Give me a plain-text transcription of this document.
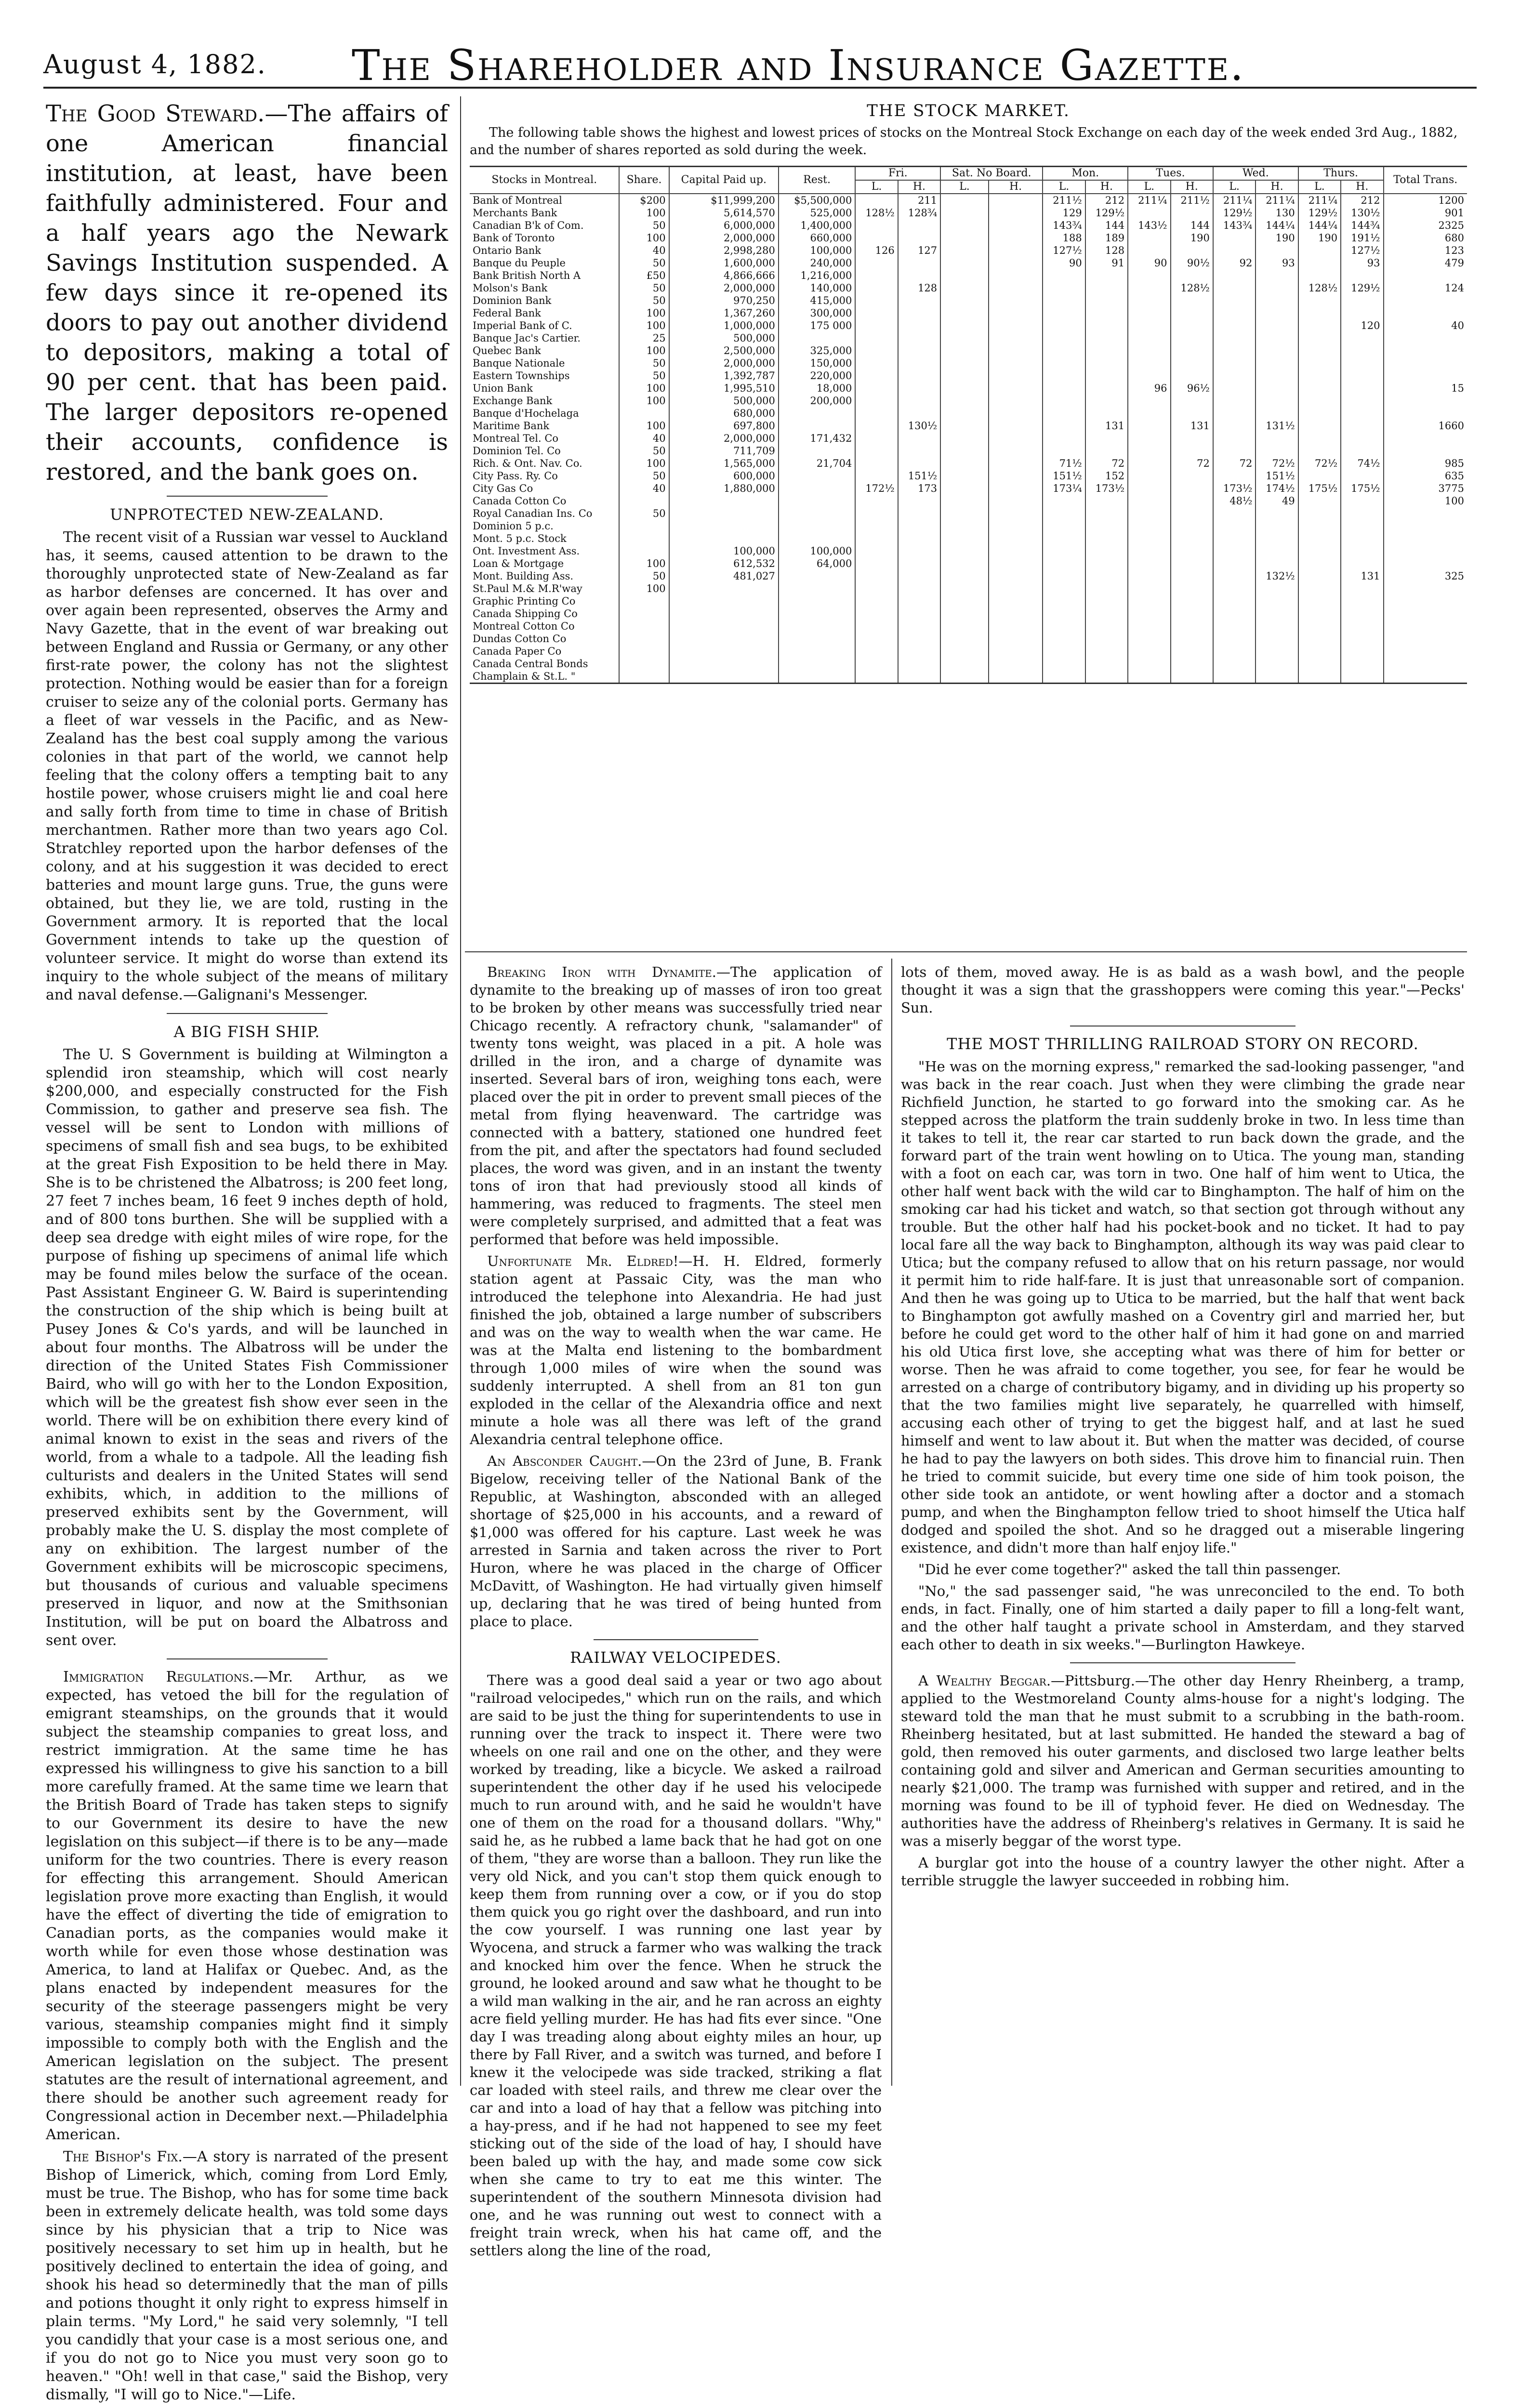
August 4, 1882. The Shareholder and Insurance Gazette.

The Good Steward.—The affairs of one American financial institution, at least, have been faithfully administered. Four and a half years ago the Newark Savings Institution suspended. A few days since it re-opened its doors to pay out another dividend to depositors, making a total of 90 per cent. that has been paid. The larger depositors re-opened their accounts, confidence is restored, and the bank goes on.

UNPROTECTED NEW-ZEALAND.

The recent visit of a Russian war vessel to Auckland has, it seems, caused attention to be drawn to the thoroughly unprotected state of New-Zealand as far as harbor defenses are concerned. It has over and over again been represented, observes the Army and Navy Gazette, that in the event of war breaking out between England and Russia or Germany, or any other first-rate power, the colony has not the slightest protection. Nothing would be easier than for a foreign cruiser to seize any of the colonial ports. Germany has a fleet of war vessels in the Pacific, and as New-Zealand has the best coal supply among the various colonies in that part of the world, we cannot help feeling that the colony offers a tempting bait to any hostile power, whose cruisers might lie and coal here and sally forth from time to time in chase of British merchantmen. Rather more than two years ago Col. Stratchley reported upon the harbor defenses of the colony, and at his suggestion it was decided to erect batteries and mount large guns. True, the guns were obtained, but they lie, we are told, rusting in the Government armory. It is reported that the local Government intends to take up the question of volunteer service. It might do worse than extend its inquiry to the whole subject of the means of military and naval defense.—Galignani's Messenger.

A BIG FISH SHIP.

The U. S Government is building at Wilmington a splendid iron steamship, which will cost nearly $200,000, and especially constructed for the Fish Commission, to gather and preserve sea fish. The vessel will be sent to London with millions of specimens of small fish and sea bugs, to be exhibited at the great Fish Exposition to be held there in May. She is to be christened the Albatross; is 200 feet long, 27 feet 7 inches beam, 16 feet 9 inches depth of hold, and of 800 tons burthen. She will be supplied with a deep sea dredge with eight miles of wire rope, for the purpose of fishing up specimens of animal life which may be found miles below the surface of the ocean. Past Assistant Engineer G. W. Baird is superintending the construction of the ship which is being built at Pusey Jones & Co's yards, and will be launched in about four months. The Albatross will be under the direction of the United States Fish Commissioner Baird, who will go with her to the London Exposition, which will be the greatest fish show ever seen in the world. There will be on exhibition there every kind of animal known to exist in the seas and rivers of the world, from a whale to a tadpole. All the leading fish culturists and dealers in the United States will send exhibits, which, in addition to the millions of preserved exhibits sent by the Government, will probably make the U. S. display the most complete of any on exhibition. The largest number of the Government exhibits will be microscopic specimens, but thousands of curious and valuable specimens preserved in liquor, and now at the Smithsonian Institution, will be put on board the Albatross and sent over.

Immigration Regulations.—Mr. Arthur, as we expected, has vetoed the bill for the regulation of emigrant steamships, on the grounds that it would subject the steamship companies to great loss, and restrict immigration. At the same time he has expressed his willingness to give his sanction to a bill more carefully framed. At the same time we learn that the British Board of Trade has taken steps to signify to our Government its desire to have the new legislation on this subject—if there is to be any—made uniform for the two countries. There is every reason for effecting this arrangement. Should American legislation prove more exacting than English, it would have the effect of diverting the tide of emigration to Canadian ports, as the companies would make it worth while for even those whose destination was America, to land at Halifax or Quebec. And, as the plans enacted by independent measures for the security of the steerage passengers might be very various, steamship companies might find it simply impossible to comply both with the English and the American legislation on the subject. The present statutes are the result of international agreement, and there should be another such agreement ready for Congressional action in December next.—Philadelphia American.

The Bishop's Fix.—A story is narrated of the present Bishop of Limerick, which, coming from Lord Emly, must be true. The Bishop, who has for some time back been in extremely delicate health, was told some days since by his physician that a trip to Nice was positively necessary to set him up in health, but he positively declined to entertain the idea of going, and shook his head so determinedly that the man of pills and potions thought it only right to express himself in plain terms. "My Lord," he said very solemnly, "I tell you candidly that your case is a most serious one, and if you do not go to Nice you must very soon go to heaven." "Oh! well in that case," said the Bishop, very dismally, "I will go to Nice."—Life.

THE STOCK MARKET.
The following table shows the highest and lowest prices of stocks on the Montreal Stock Exchange on each day of the week ended 3rd Aug., 1882, and the number of shares reported as sold during the week.
Stocks in Montreal.	Share.	Capital Paid up.	Rest.	Fri.		Sat. No Board.		Mon.		Tues.		Wed.		Thurs.		Total Trans.
				L.	H.	L.	H.	L.	H.	L.	H.	L.	H.	L.	H.	
Bank of Montreal	$200	$11,999,200	$5,500,000		211			211½	212	211¼	211½	211¼	211¼	211¼	212	1200
Merchants Bank	100	5,614,570	525,000	128½	128¾			129	129½			129½	130	129½	130½	901
Canadian B'k of Com.	50	6,000,000	1,400,000					143¾	144	143½	144	143¾	144¼	144¼	144¾	2325
Bank of Toronto	100	2,000,000	660,000					188	189		190		190	190	191½	680
Ontario Bank	40	2,998,280	100,000	126	127			127½	128						127½	123
Banque du Peuple	50	1,600,000	240,000					90	91	90	90½	92	93		93	479
Bank British North A	£50	4,866,666	1,216,000													
Molson's Bank	50	2,000,000	140,000		128						128½			128½	129½	124
Dominion Bank	50	970,250	415,000													
Federal Bank	100	1,367,260	300,000													
Imperial Bank of C.	100	1,000,000	175 000												120	40
Banque Jac's Cartier.	25	500,000														
Quebec Bank	100	2,500,000	325,000													
Banque Nationale	50	2,000,000	150,000													
Eastern Townships	50	1,392,787	220,000													
Union Bank	100	1,995,510	18,000							96	96½					15
Exchange Bank	100	500,000	200,000													
Banque d'Hochelaga		680,000														
Maritime Bank	100	697,800			130½				131		131		131½			1660
Montreal Tel. Co	40	2,000,000	171,432													
Dominion Tel. Co	50	711,709														
Rich. & Ont. Nav. Co.	100	1,565,000	21,704					71½	72		72	72	72½	72½	74½	985
City Pass. Ry. Co	50	600,000			151½			151½	152				151½			635
City Gas Co	40	1,880,000		172½	173			173¼	173½			173½	174½	175½	175½	3775
Canada Cotton Co												48½	49			100
Royal Canadian Ins. Co	50															
Dominion 5 p.c.																
Mont. 5 p.c. Stock																
Ont. Investment Ass.		100,000	100,000													
Loan & Mortgage	100	612,532	64,000													
Mont. Building Ass.	50	481,027											132½		131	325
St.Paul M.& M.R'way	100															
Graphic Printing Co																
Canada Shipping Co																
Montreal Cotton Co																
Dundas Cotton Co																
Canada Paper Co																
Canada Central Bonds																
Champlain & St.L. "																

Breaking Iron with Dynamite.—The application of dynamite to the breaking up of masses of iron too great to be broken by other means was successfully tried near Chicago recently. A refractory chunk, "salamander" of twenty tons weight, was placed in a pit. A hole was drilled in the iron, and a charge of dynamite was inserted. Several bars of iron, weighing tons each, were placed over the pit in order to prevent small pieces of the metal from flying heavenward. The cartridge was connected with a battery, stationed one hundred feet from the pit, and after the spectators had found secluded places, the word was given, and in an instant the twenty tons of iron that had previously stood all kinds of hammering, was reduced to fragments. The steel men were completely surprised, and admitted that a feat was performed that before was held impossible.

Unfortunate Mr. Eldred!—H. H. Eldred, formerly station agent at Passaic City, was the man who introduced the telephone into Alexandria. He had just finished the job, obtained a large number of subscribers and was on the way to wealth when the war came. He was at the Malta end listening to the bombardment through 1,000 miles of wire when the sound was suddenly interrupted. A shell from an 81 ton gun exploded in the cellar of the Alexandria office and next minute a hole was all there was left of the grand Alexandria central telephone office.

An Absconder Caught.—On the 23rd of June, B. Frank Bigelow, receiving teller of the National Bank of the Republic, at Washington, absconded with an alleged shortage of $25,000 in his accounts, and a reward of $1,000 was offered for his capture. Last week he was arrested in Sarnia and taken across the river to Port Huron, where he was placed in the charge of Officer McDavitt, of Washington. He had virtually given himself up, declaring that he was tired of being hunted from place to place.

RAILWAY VELOCIPEDES.

There was a good deal said a year or two ago about "railroad velocipedes," which run on the rails, and which are said to be just the thing for superintendents to use in running over the track to inspect it. There were two wheels on one rail and one on the other, and they were worked by treading, like a bicycle. We asked a railroad superintendent the other day if he used his velocipede much to run around with, and he said he wouldn't have one of them on the road for a thousand dollars. "Why," said he, as he rubbed a lame back that he had got on one of them, "they are worse than a balloon. They run like the very old Nick, and you can't stop them quick enough to keep them from running over a cow, or if you do stop them quick you go right over the dashboard, and run into the cow yourself. I was running one last year by Wyocena, and struck a farmer who was walking the track and knocked him over the fence. When he struck the ground, he looked around and saw what he thought to be a wild man walking in the air, and he ran across an eighty acre field yelling murder. He has had fits ever since. "One day I was treading along about eighty miles an hour, up there by Fall River, and a switch was turned, and before I knew it the velocipede was side tracked, striking a flat car loaded with steel rails, and threw me clear over the car and into a load of hay that a fellow was pitching into a hay-press, and if he had not happened to see my feet sticking out of the side of the load of hay, I should have been baled up with the hay, and made some cow sick when she came to try to eat me this winter. The superintendent of the southern Minnesota division had one, and he was running out west to connect with a freight train wreck, when his hat came off, and the settlers along the line of the road,

lots of them, moved away. He is as bald as a wash bowl, and the people thought it was a sign that the grasshoppers were coming this year."—Pecks' Sun.

THE MOST THRILLING RAILROAD STORY ON RECORD.

"He was on the morning express," remarked the sad-looking passenger, "and was back in the rear coach. Just when they were climbing the grade near Richfield Junction, he started to go forward into the smoking car. As he stepped across the platform the train suddenly broke in two. In less time than it takes to tell it, the rear car started to run back down the grade, and the forward part of the train went howling on to Utica. The young man, standing with a foot on each car, was torn in two. One half of him went to Utica, the other half went back with the wild car to Binghampton. The half of him on the smoking car had his ticket and watch, so that section got through without any trouble. But the other half had his pocket-book and no ticket. It had to pay local fare all the way back to Binghampton, although its way was paid clear to Utica; but the company refused to allow that on his return passage, nor would it permit him to ride half-fare. It is just that unreasonable sort of companion. And then he was going up to Utica to be married, but the half that went back to Binghampton got awfully mashed on a Coventry girl and married her, but before he could get word to the other half of him it had gone on and married his old Utica first love, she accepting what was there of him for better or worse. Then he was afraid to come together, you see, for fear he would be arrested on a charge of contributory bigamy, and in dividing up his property so that the two families might live separately, he quarrelled with himself, accusing each other of trying to get the biggest half, and at last he sued himself and went to law about it. But when the matter was decided, of course he had to pay the lawyers on both sides. This drove him to financial ruin. Then he tried to commit suicide, but every time one side of him took poison, the other side took an antidote, or went howling after a doctor and a stomach pump, and when the Binghampton fellow tried to shoot himself the Utica half dodged and spoiled the shot. And so he dragged out a miserable lingering existence, and didn't more than half enjoy life."

"Did he ever come together?" asked the tall thin passenger.

"No," the sad passenger said, "he was unreconciled to the end. To both ends, in fact. Finally, one of him started a daily paper to fill a long-felt want, and the other half taught a private school in Amsterdam, and they starved each other to death in six weeks."—Burlington Hawkeye.

A Wealthy Beggar.—Pittsburg.—The other day Henry Rheinberg, a tramp, applied to the Westmoreland County alms-house for a night's lodging. The steward told the man that he must submit to a scrubbing in the bath-room. Rheinberg hesitated, but at last submitted. He handed the steward a bag of gold, then removed his outer garments, and disclosed two large leather belts containing gold and silver and American and German securities amounting to nearly $21,000. The tramp was furnished with supper and retired, and in the morning was found to be ill of typhoid fever. He died on Wednesday. The authorities have the address of Rheinberg's relatives in Germany. It is said he was a miserly beggar of the worst type.

A burglar got into the house of a country lawyer the other night. After a terrible struggle the lawyer succeeded in robbing him.
